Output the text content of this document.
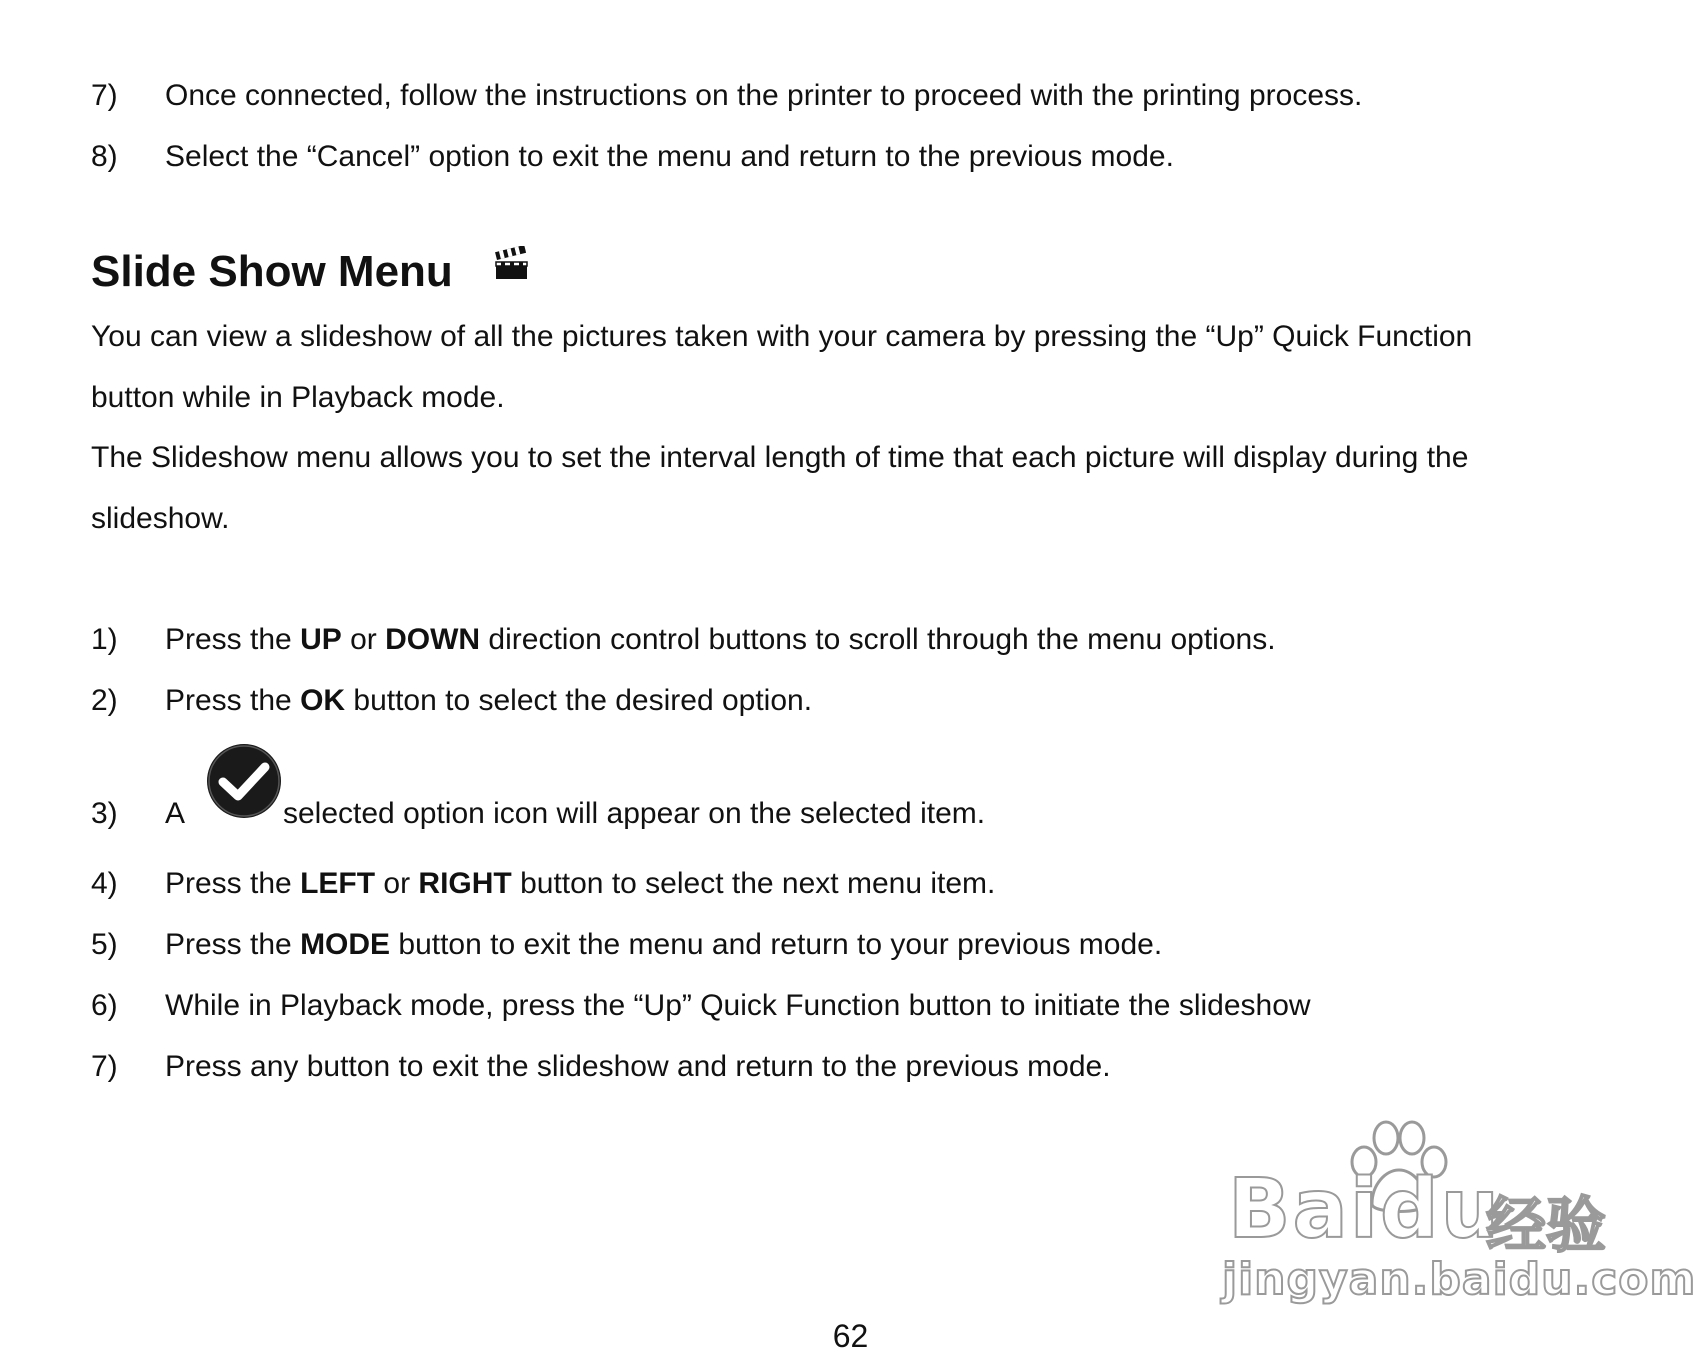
7)	Once connected, follow the instructions on the printer to proceed with the printing process.
8)	Select the “Cancel” option to exit the menu and return to the previous mode.
Slide Show Menu
You can view a slideshow of all the pictures taken with your camera by pressing the “Up” Quick Function
button while in Playback mode.
The Slideshow menu allows you to set the interval length of time that each picture will display during the
slideshow.
1)	Press the UP or DOWN direction control buttons to scroll through the menu options.
2)	Press the OK button to select the desired option.
3)	A	selected option icon will appear on the selected item.
4)	Press the LEFT or RIGHT button to select the next menu item.
5)	Press the MODE button to exit the menu and return to your previous mode.
6)	While in Playback mode, press the “Up” Quick Function button to initiate the slideshow
7)	Press any button to exit the slideshow and return to the previous mode.
Baidu
经验
jingyan.baidu.com
62
